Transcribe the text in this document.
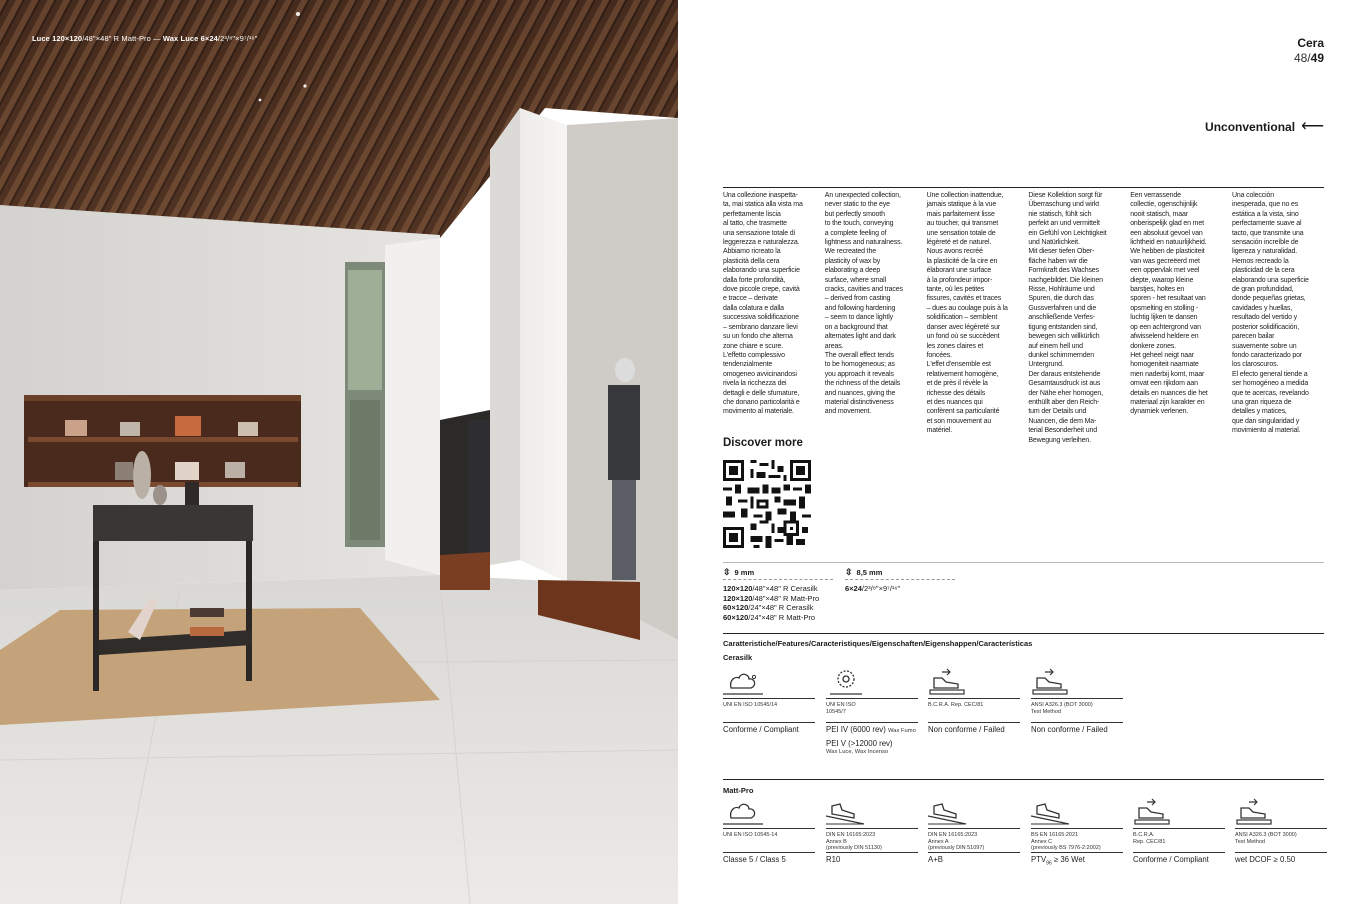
Luce 120×120/48"×48" R Matt-Pro — Wax Luce 6×24/2³/⁸"×9⁷/¹⁶"	Cera
48/49
Unconventional ⟵
Una collezione inaspetta-
ta, mai statica alla vista ma
perfettamente liscia
al tatto, che trasmette
una sensazione totale di
leggerezza e naturalezza.
Abbiamo ricreato la
plasticità della cera
elaborando una superficie
dalla forte profondità,
dove piccole crepe, cavità
e tracce – derivate
dalla colatura e dalla
successiva solidificazione
– sembrano danzare lievi
su un fondo che alterna
zone chiare e scure.
L'effetto complessivo
tendenzialmente
omogeneo avvicinandosi
rivela la ricchezza dei
dettagli e delle sfumature,
che donano particolarità e
movimento al materiale.
An unexpected collection,
never static to the eye
but perfectly smooth
to the touch, conveying
a complete feeling of
lightness and naturalness.
We recreated the
plasticity of wax by
elaborating a deep
surface, where small
cracks, cavities and traces
– derived from casting
and following hardening
– seem to dance lightly
on a background that
alternates light and dark
areas.
The overall effect tends
to be homogeneous; as
you approach it reveals
the richness of the details
and nuances, giving the
material distinctiveness
and movement.
Une collection inattendue,
jamais statique à la vue
mais parfaitement lisse
au toucher, qui transmet
une sensation totale de
légèreté et de naturel.
Nous avons recréé
la plasticité de la cire en
élaborant une surface
à la profondeur impor-
tante, où les petites
fissures, cavités et traces
– dues au coulage puis à la
solidification – semblent
danser avec légèreté sur
un fond où se succèdent
les zones claires et
foncées.
L'effet d'ensemble est
relativement homogène,
et de près il révèle la
richesse des détails
et des nuances qui
confèrent sa particularité
et son mouvement au
matériel.
Diese Kollektion sorgt für
Überraschung und wirkt
nie statisch, fühlt sich
perfekt an und vermittelt
ein Gefühl von Leichtigkeit
und Natürlichkeit.
Mit dieser tiefen Ober-
fläche haben wir die
Formkraft des Wachses
nachgebildet. Die kleinen
Risse, Hohlräume und
Spuren, die durch das
Gussverfahren und die
anschließende Verfes-
tigung entstanden sind,
bewegen sich willkürlich
auf einem hell und
dunkel schimmernden
Untergrund.
Der daraus entstehende
Gesamtausdruck ist aus
der Nähe eher homogen,
enthüllt aber den Reich-
tum der Details und
Nuancen, die dem Ma-
terial Besonderheit und
Bewegung verleihen.
Een verrassende
collectie, ogenschijnlijk
nooit statisch, maar
onberispelijk glad en met
een absoluut gevoel van
lichtheid en natuurlijkheid.
We hebben de plasticiteit
van was gecreëerd met
een oppervlak met veel
diepte, waarop kleine
barstjes, holtes en
sporen - het resultaat van
opsmelting en stolling -
luchtig lijken te dansen
op een achtergrond van
afwisselend heldere en
donkere zones.
Het geheel neigt naar
homogeniteit naarmate
men naderbij komt, maar
omvat een rijkdom aan
details en nuances die het
materiaal zijn karakter en
dynamiek verlenen.
Una colección
inesperada, que no es
estática a la vista, sino
perfectamente suave al
tacto, que transmite una
sensación increíble de
ligereza y naturalidad.
Hemos recreado la
plasticidad de la cera
elaborando una superficie
de gran profundidad,
donde pequeñas grietas,
cavidades y huellas,
resultado del vertido y
posterior solidificación,
parecen bailar
suavemente sobre un
fondo caracterizado por
los claroscuros.
El efecto general tiende a
ser homogéneo a medida
que te acercas, revelando
una gran riqueza de
detalles y matices,
que dan singularidad y
movimiento al material.
Discover more
⇳ 9 mm	⇳ 8,5 mm
120×120/48"×48" R Cerasilk
120×120/48"×48" R Matt-Pro
60×120/24"×48" R Cerasilk
60×120/24"×48" R Matt-Pro
6×24/2³/⁸"×9⁷/¹⁶"
Caratteristiche/Features/Caracteristiques/Eigenschaften/Eigenshappen/Características
Cerasilk
UNI EN ISO 10545/14
Conforme / Compliant
UNI EN ISO
10545/7
PEI IV (6000 rev) Wax Fumo
PEI V (>12000 rev)
Wax Luce, Wax Incenso
B.C.R.A. Rep. CEC/81
Non conforme / Failed
ANSI A326.3 (BOT 3000)
Test Method
Non conforme / Failed
Matt-Pro
UNI EN ISO 10545-14
Classe 5 / Class 5
DIN EN 16165:2023
Annex B
(previously DIN 51130)
R10
DIN EN 16165:2023
Annex A
(previously DIN 51097)
A+B
BS EN 16165:2021
Annex C
(previously BS 7976-2:2002)
$PTV_{96} \ge 36$ Wet
B.C.R.A.
Rep. CEC/81
Conforme / Compliant
ANSI A326.3 (BOT 3000)
Test Method
wet DCOF ≥ 0.50
